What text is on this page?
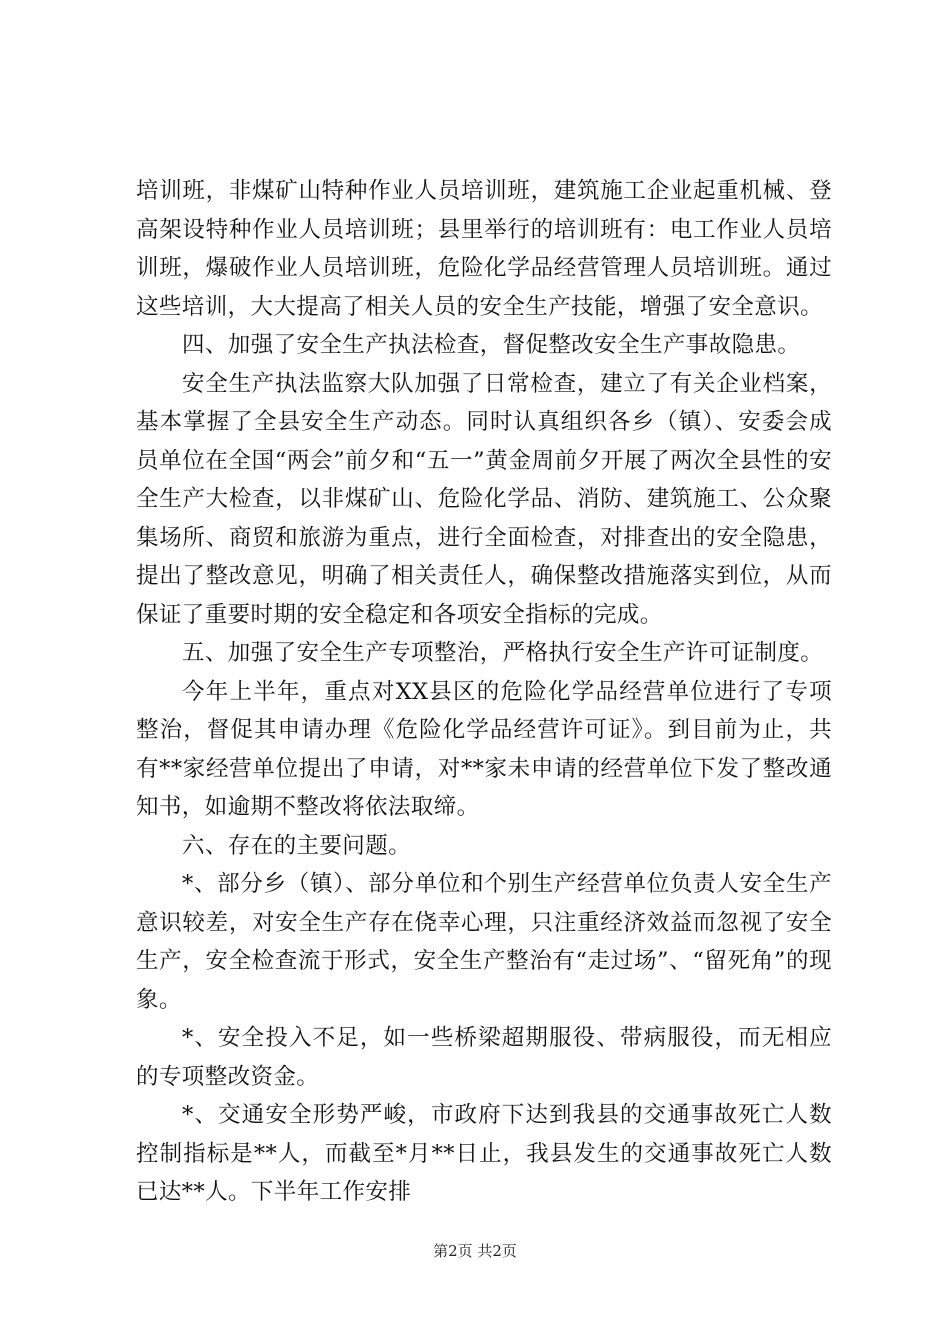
培训班，非煤矿山特种作业人员培训班，建筑施工企业起重机械、登高架设特种作业人员培训班；县里举行的培训班有：电工作业人员培训班，爆破作业人员培训班，危险化学品经营管理人员培训班。通过这些培训，大大提高了相关人员的安全生产技能，增强了安全意识。

四、加强了安全生产执法检查，督促整改安全生产事故隐患。

安全生产执法监察大队加强了日常检查，建立了有关企业档案，基本掌握了全县安全生产动态。同时认真组织各乡（镇）、安委会成员单位在全国“两会”前夕和“五一”黄金周前夕开展了两次全县性的安全生产大检查，以非煤矿山、危险化学品、消防、建筑施工、公众聚集场所、商贸和旅游为重点，进行全面检查，对排查出的安全隐患，提出了整改意见，明确了相关责任人，确保整改措施落实到位，从而保证了重要时期的安全稳定和各项安全指标的完成。

五、加强了安全生产专项整治，严格执行安全生产许可证制度。

今年上半年，重点对XX县区的危险化学品经营单位进行了专项整治，督促其申请办理《危险化学品经营许可证》。到目前为止，共有**家经营单位提出了申请，对**家未申请的经营单位下发了整改通知书，如逾期不整改将依法取缔。

六、存在的主要问题。

*、部分乡（镇）、部分单位和个别生产经营单位负责人安全生产意识较差，对安全生产存在侥幸心理，只注重经济效益而忽视了安全生产，安全检查流于形式，安全生产整治有“走过场”、“留死角”的现象。

*、安全投入不足，如一些桥梁超期服役、带病服役，而无相应的专项整改资金。

*、交通安全形势严峻，市政府下达到我县的交通事故死亡人数控制指标是**人，而截至*月**日止，我县发生的交通事故死亡人数已达**人。下半年工作安排

第2页 共2页
